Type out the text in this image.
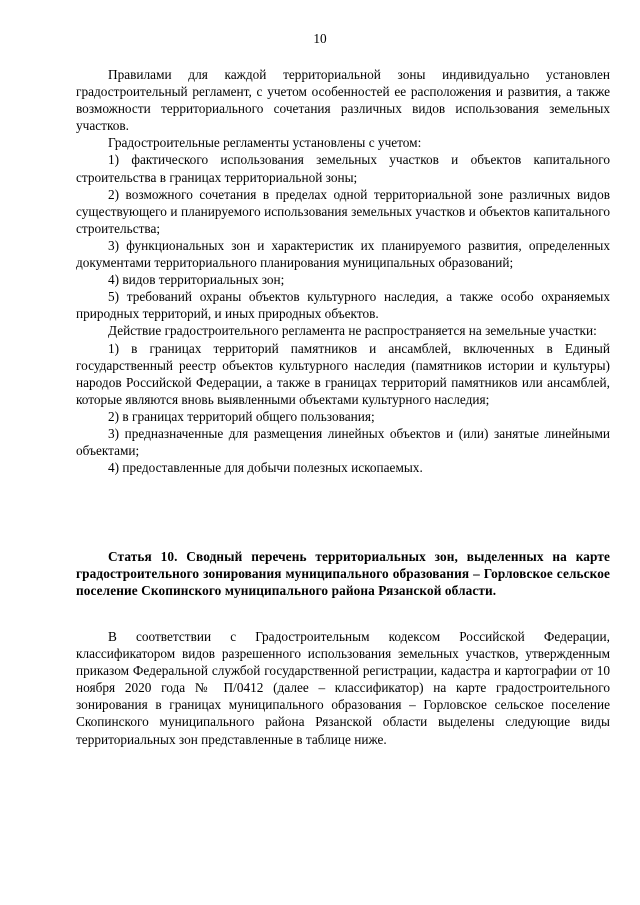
10

Правилами для каждой территориальной зоны индивидуально установлен градостроительный регламент, с учетом особенностей ее расположения и развития, а также возможности территориального сочетания различных видов использования земельных участков.

Градостроительные регламенты установлены с учетом:

1) фактического использования земельных участков и объектов капитального строительства в границах территориальной зоны;

2) возможного сочетания в пределах одной территориальной зоне различных видов существующего и планируемого использования земельных участков и объектов капитального строительства;

3) функциональных зон и характеристик их планируемого развития, определенных документами территориального планирования муниципальных образований;

4) видов территориальных зон;

5) требований охраны объектов культурного наследия, а также особо охраняемых природных территорий, и иных природных объектов.

Действие градостроительного регламента не распространяется на земельные участки:

1) в границах территорий памятников и ансамблей, включенных в Единый государственный реестр объектов культурного наследия (памятников истории и культуры) народов Российской Федерации, а также в границах территорий памятников или ансамблей, которые являются вновь выявленными объектами культурного наследия;

2) в границах территорий общего пользования;

3) предназначенные для размещения линейных объектов и (или) занятые линейными объектами;

4) предоставленные для добычи полезных ископаемых.

Статья 10. Сводный перечень территориальных зон, выделенных на карте градостроительного зонирования муниципального образования – Горловское сельское поселение Скопинского муниципального района Рязанской области.

В соответствии с Градостроительным кодексом Российской Федерации, классификатором видов разрешенного использования земельных участков, утвержденным приказом Федеральной службой государственной регистрации, кадастра и картографии от 10 ноября 2020 года № П/0412 (далее – классификатор) на карте градостроительного зонирования в границах муниципального образования – Горловское сельское поселение Скопинского муниципального района Рязанской области выделены следующие виды территориальных зон представленные в таблице ниже.
